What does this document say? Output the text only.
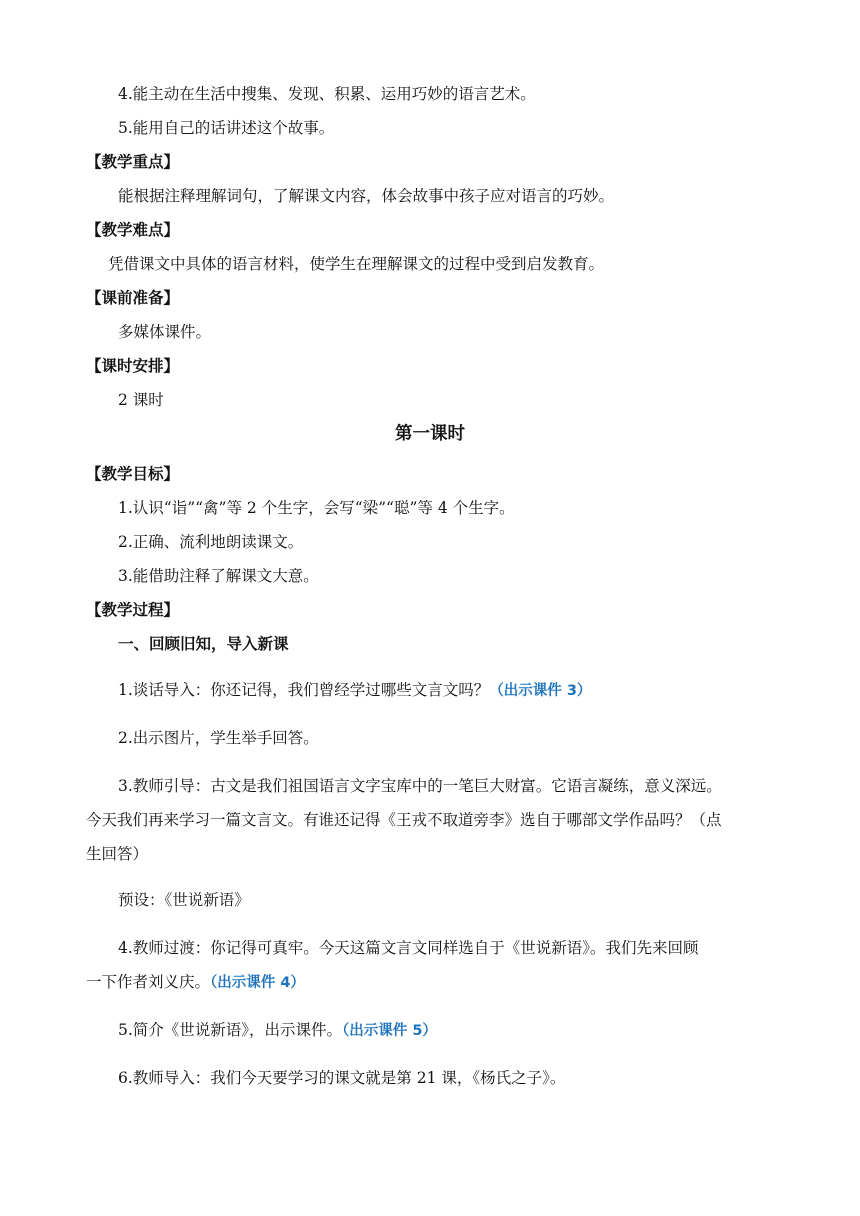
4.能主动在生活中搜集、发现、积累、运用巧妙的语言艺术。
5.能用自己的话讲述这个故事。
【教学重点】
能根据注释理解词句，了解课文内容，体会故事中孩子应对语言的巧妙。
【教学难点】
凭借课文中具体的语言材料，使学生在理解课文的过程中受到启发教育。
【课前准备】
多媒体课件。
【课时安排】
2 课时
第一课时
【教学目标】
1.认识“诣”“禽”等 2 个生字，会写“梁”“聪”等 4 个生字。
2.正确、流利地朗读课文。
3.能借助注释了解课文大意。
【教学过程】
一、回顾旧知，导入新课
1.谈话导入：你还记得，我们曾经学过哪些文言文吗？（出示课件 3）
2.出示图片，学生举手回答。
3.教师引导：古文是我们祖国语言文字宝库中的一笔巨大财富。它语言凝练，意义深远。
今天我们再来学习一篇文言文。有谁还记得《王戎不取道旁李》选自于哪部文学作品吗？（点
生回答）
预设：《世说新语》
4.教师过渡：你记得可真牢。今天这篇文言文同样选自于《世说新语》。我们先来回顾
一下作者刘义庆。（出示课件 4）
5.简介《世说新语》，出示课件。（出示课件 5）
6.教师导入：我们今天要学习的课文就是第 21 课，《杨氏之子》。
